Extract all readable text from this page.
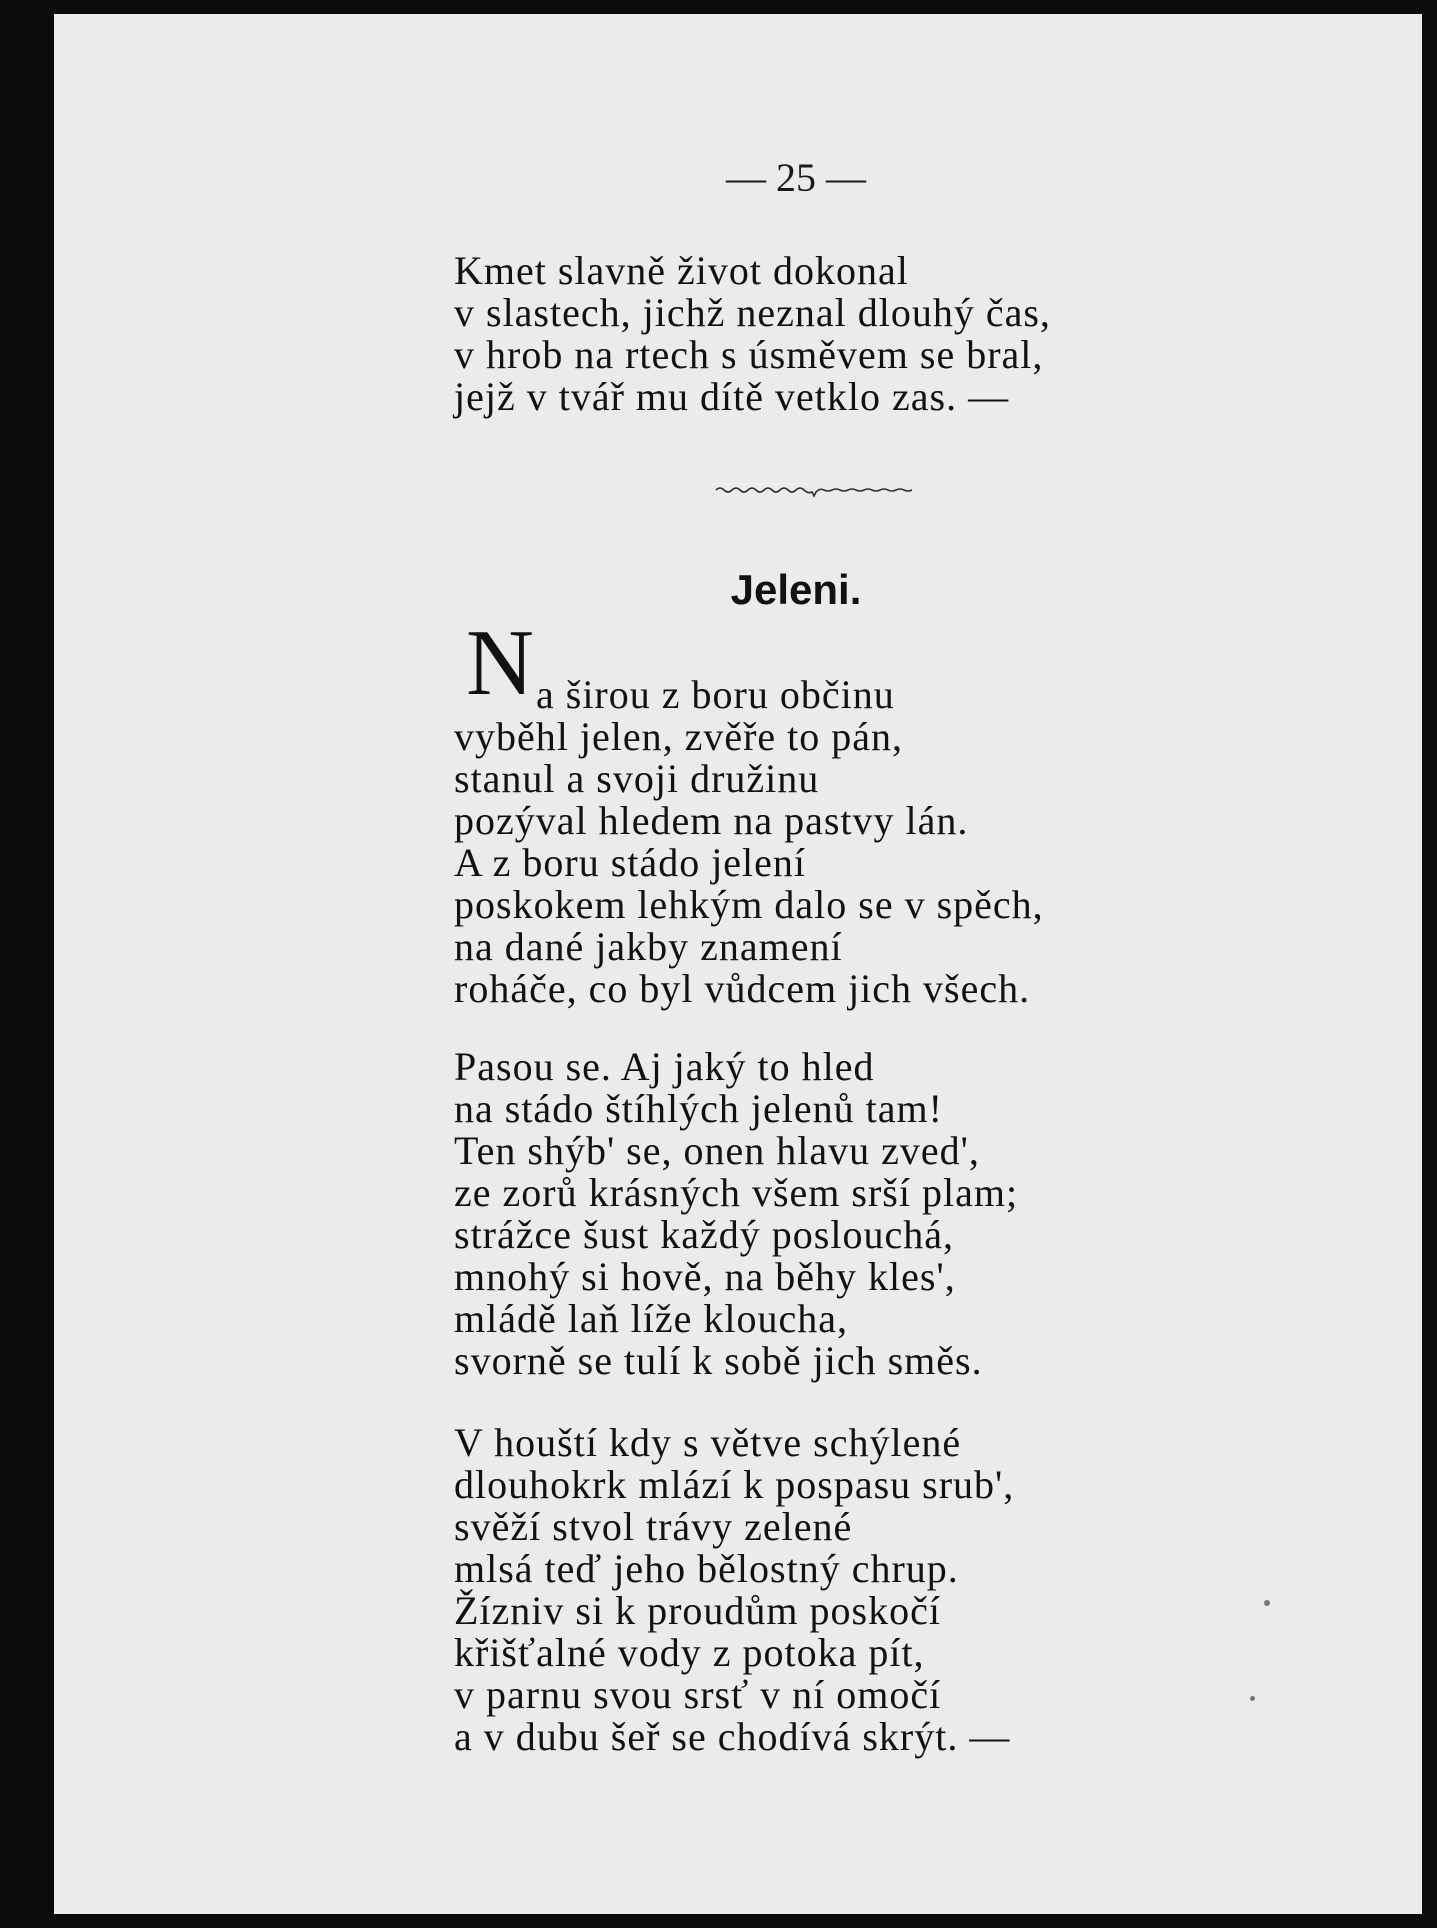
— 25 —
Kmet slavně život dokonal
v slastech, jichž neznal dlouhý čas,
v hrob na rtech s úsměvem se bral,
jejž v tvář mu dítě vetklo zas. —
Jeleni.
N a širou z boru občinu
vyběhl jelen, zvěře to pán,
stanul a svoji družinu
pozýval hledem na pastvy lán.
A z boru stádo jelení
poskokem lehkým dalo se v spěch,
na dané jakby znamení
roháče, co byl vůdcem jich všech.
Pasou se. Aj jaký to hled
na stádo štíhlých jelenů tam!
Ten shýb' se, onen hlavu zved',
ze zorů krásných všem srší plam;
strážce šust každý poslouchá,
mnohý si hově, na běhy kles',
mládě laň líže kloucha,
svorně se tulí k sobě jich směs.
V houští kdy s větve schýlené
dlouhokrk mlází k pospasu srub',
svěží stvol trávy zelené
mlsá teď jeho bělostný chrup.
Žízniv si k proudům poskočí
křišťalné vody z potoka pít,
v parnu svou srsť v ní omočí
a v dubu šeř se chodívá skrýt. —
